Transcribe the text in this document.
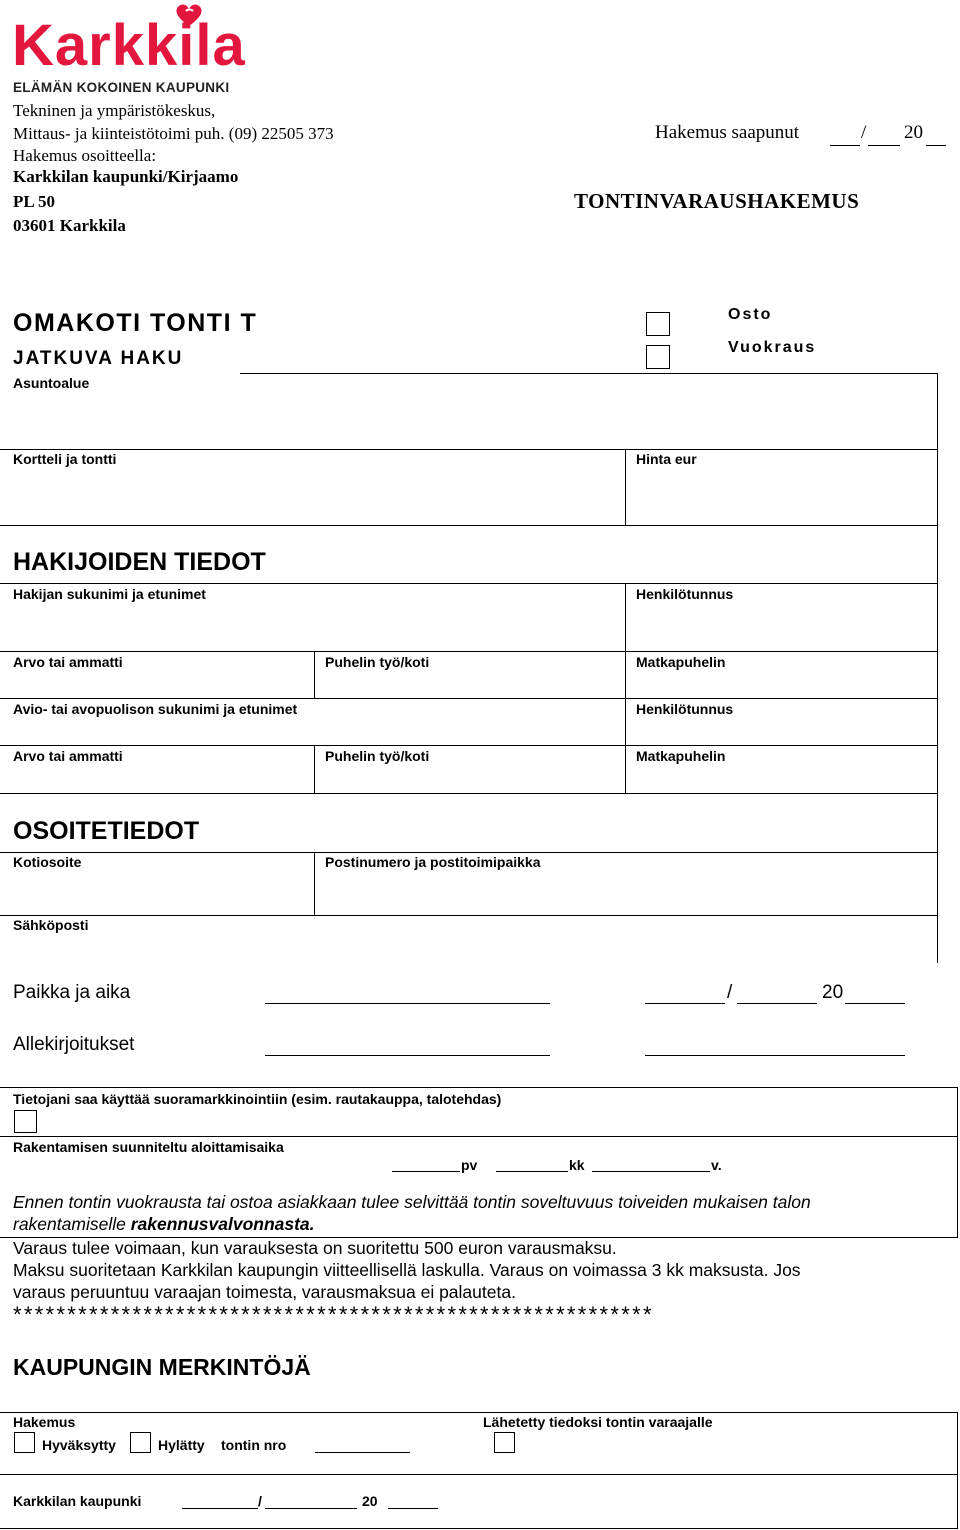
Karkkila
ELÄMÄN KOKOINEN KAUPUNKI
Tekninen ja ympäristökeskus,
Mittaus- ja kiinteistötoimi puh. (09) 22505 373
Hakemus osoitteella:
Karkkilan kaupunki/Kirjaamo
PL 50
03601 Karkkila
Hakemus saapunut	/ 20
TONTINVARAUSHAKEMUS
OMAKOTI TONTI T
JATKUVA HAKU
Osto
Vuokraus
Asuntoalue
Kortteli ja tontti	Hinta eur
HAKIJOIDEN TIEDOT
Hakijan sukunimi ja etunimet	Henkilötunnus
Arvo tai ammatti	Puhelin työ/koti	Matkapuhelin
Avio- tai avopuolison sukunimi ja etunimet	Henkilötunnus
Arvo tai ammatti	Puhelin työ/koti	Matkapuhelin
OSOITETIEDOT
Kotiosoite	Postinumero ja postitoimipaikka
Sähköposti
Paikka ja aika	/	20
Allekirjoitukset
Tietojani saa käyttää suoramarkkinointiin (esim. rautakauppa, talotehdas)
Rakentamisen suunniteltu aloittamisaika
pv	kk	v.
Ennen tontin vuokrausta tai ostoa asiakkaan tulee selvittää tontin soveltuvuus toiveiden mukaisen talon
rakentamiselle rakennusvalvonnasta.
Varaus tulee voimaan, kun varauksesta on suoritettu 500 euron varausmaksu.
Maksu suoritetaan Karkkilan kaupungin viitteellisellä laskulla. Varaus on voimassa 3 kk maksusta. Jos
varaus peruuntuu varaajan toimesta, varausmaksua ei palauteta.
***********************************************************
KAUPUNGIN MERKINTÖJÄ
Hakemus
Hyväksytty	Hylätty tontin nro
Lähetetty tiedoksi tontin varaajalle
Karkkilan kaupunki	/	20
